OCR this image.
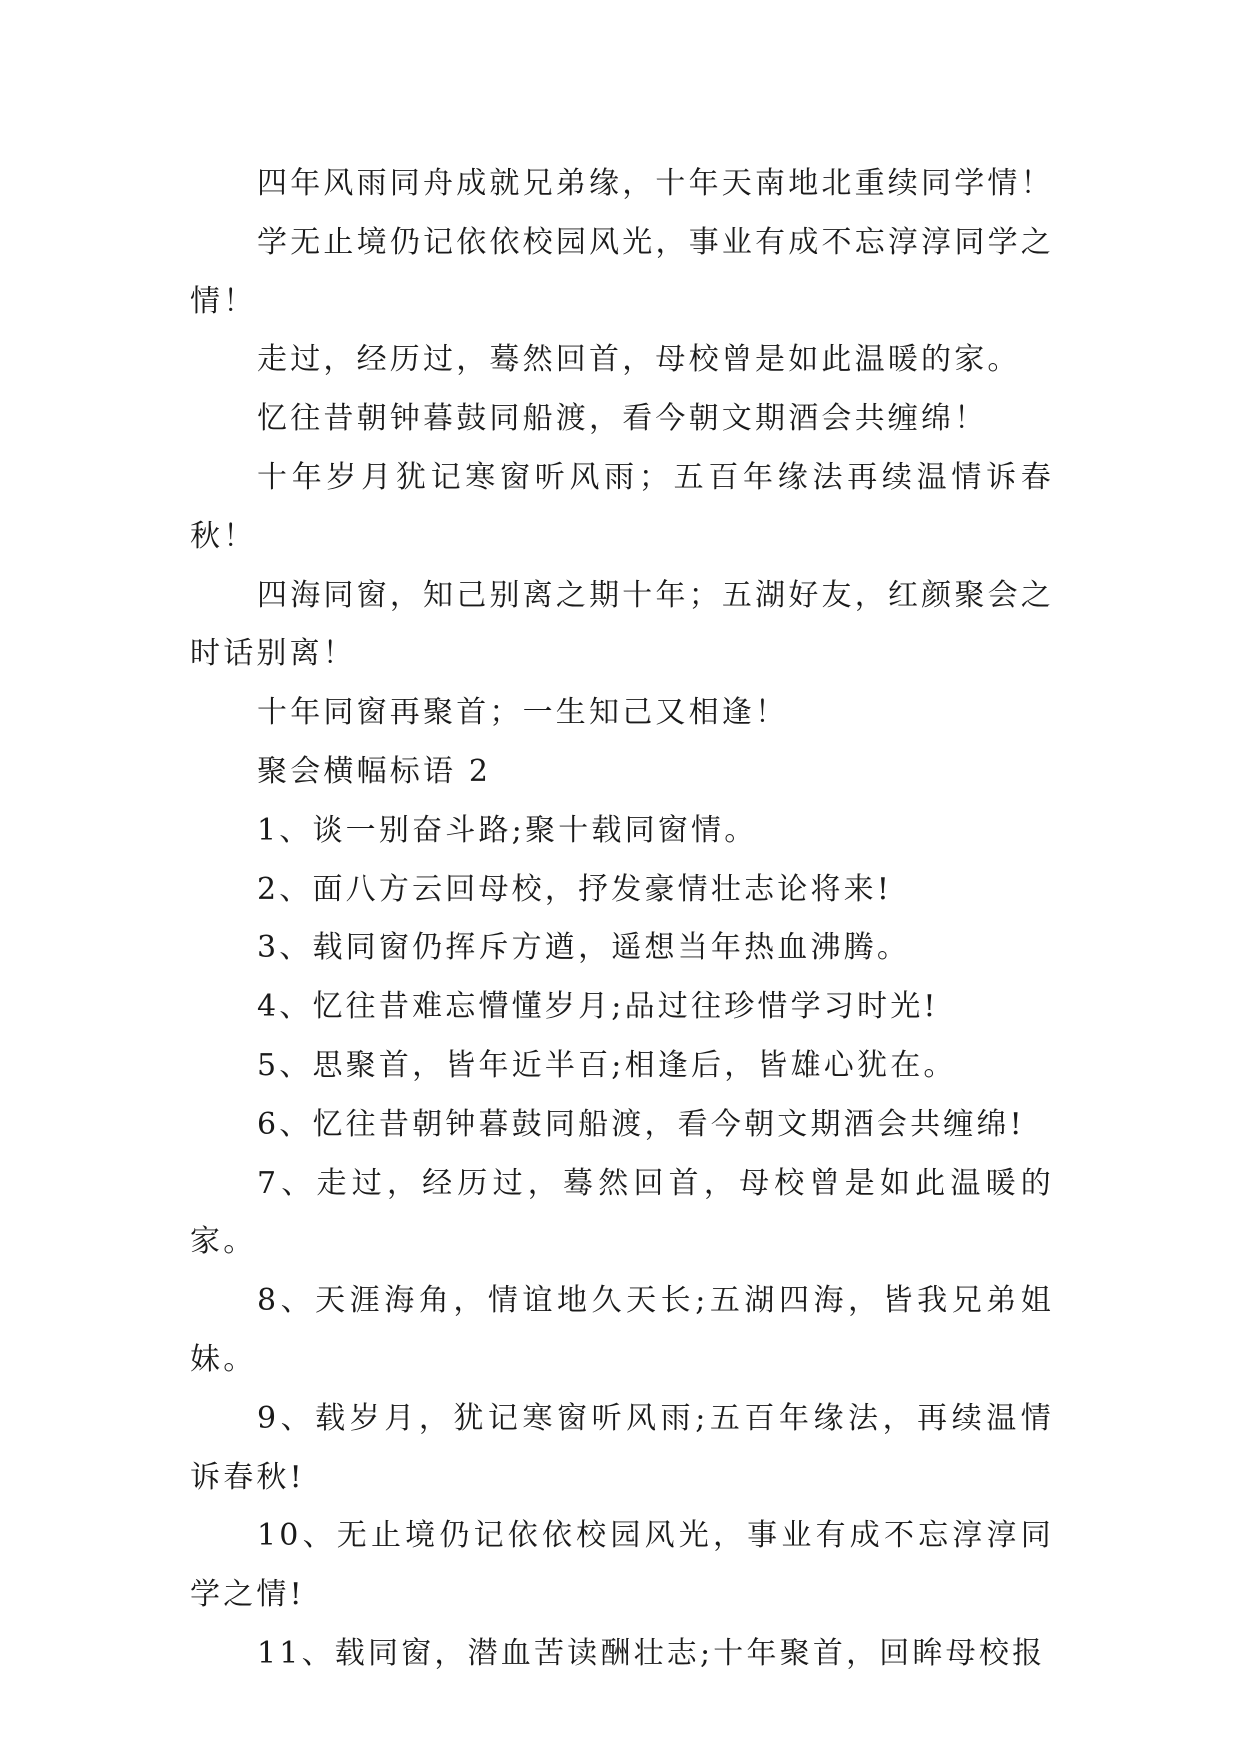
四年风雨同舟成就兄弟缘，十年天南地北重续同学情！

学无止境仍记依依校园风光，事业有成不忘淳淳同学之情！

走过，经历过，蓦然回首，母校曾是如此温暖的家。

忆往昔朝钟暮鼓同船渡，看今朝文期酒会共缠绵！

十年岁月犹记寒窗听风雨；五百年缘法再续温情诉春秋！

四海同窗，知己别离之期十年；五湖好友，红颜聚会之时话别离！

十年同窗再聚首；一生知己又相逢！

聚会横幅标语 2

1、谈一别奋斗路;聚十载同窗情。

2、面八方云回母校，抒发豪情壮志论将来!

3、载同窗仍挥斥方遒，遥想当年热血沸腾。

4、忆往昔难忘懵懂岁月;品过往珍惜学习时光!

5、思聚首，皆年近半百;相逢后，皆雄心犹在。

6、忆往昔朝钟暮鼓同船渡，看今朝文期酒会共缠绵!

7、走过，经历过，蓦然回首，母校曾是如此温暖的家。

8、天涯海角，情谊地久天长;五湖四海，皆我兄弟姐妹。

9、载岁月，犹记寒窗听风雨;五百年缘法，再续温情诉春秋!

10、无止境仍记依依校园风光，事业有成不忘淳淳同学之情!

11、载同窗，潜血苦读酬壮志;十年聚首，回眸母校报
